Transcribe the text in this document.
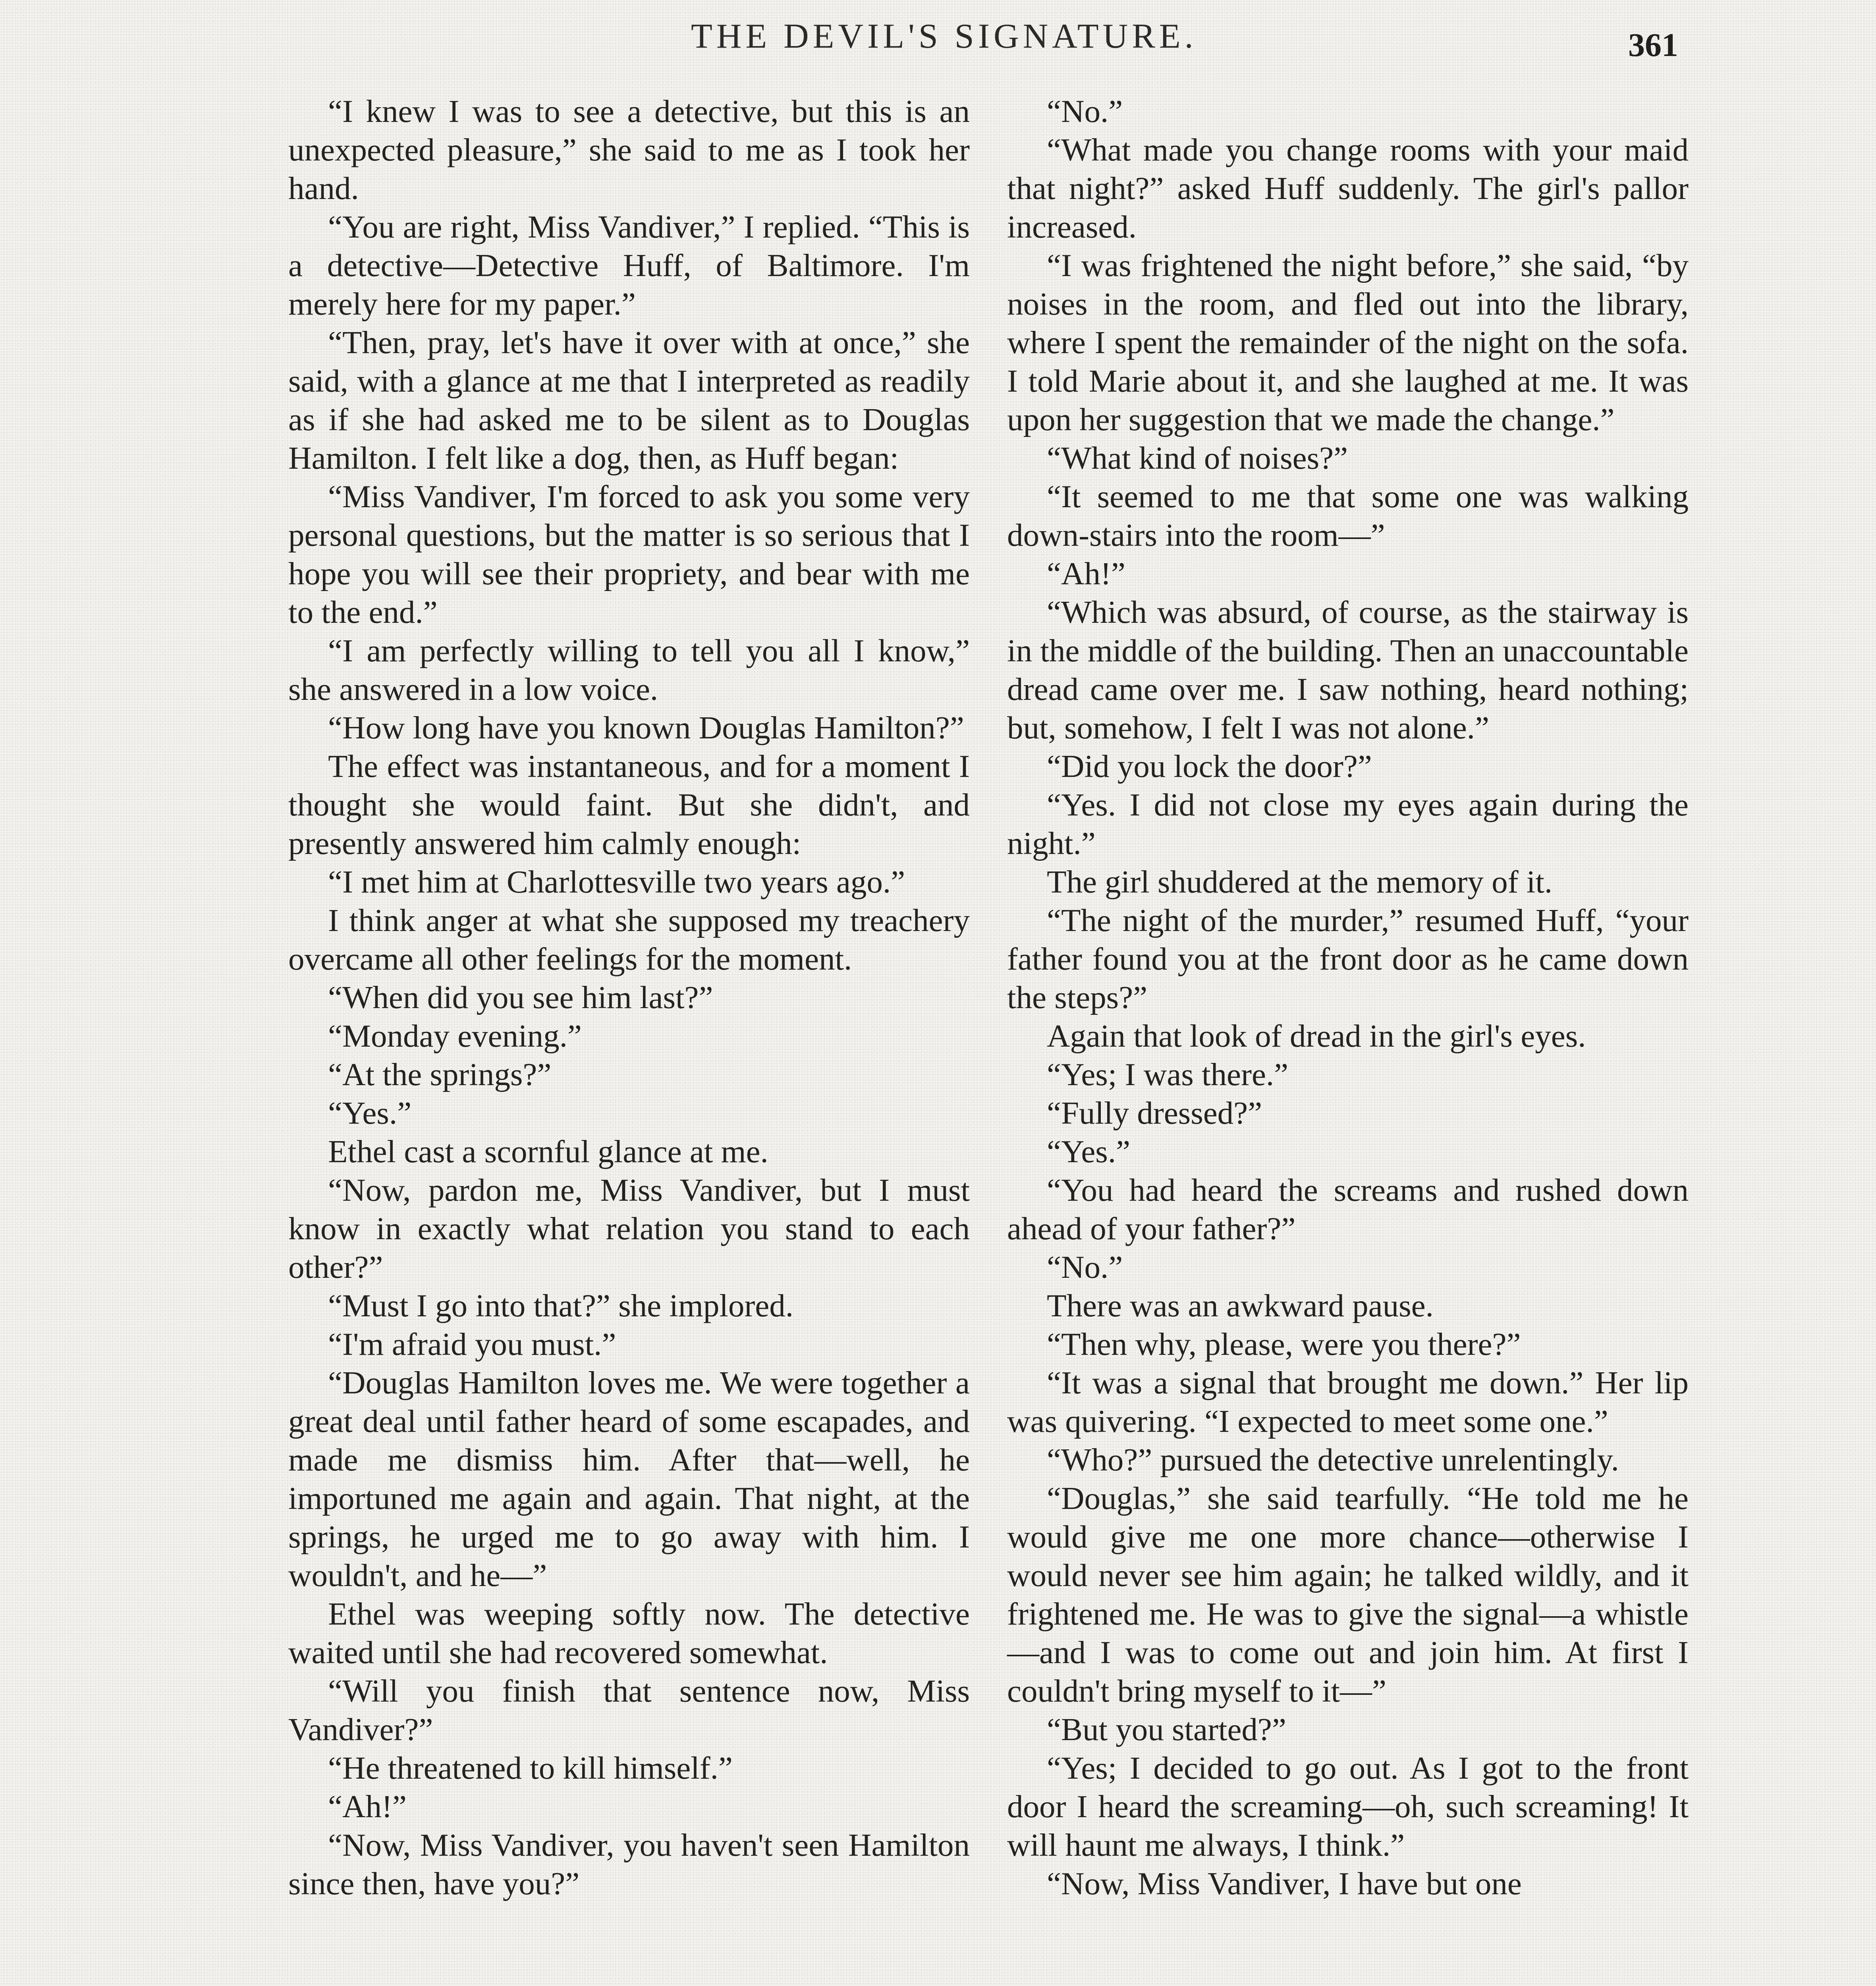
THE DEVIL'S SIGNATURE.	361

“I knew I was to see a detective, but this is an unexpected pleasure,” she said to me as I took her hand.

“You are right, Miss Vandiver,” I replied. “This is a detective—Detective Huff, of Baltimore. I'm merely here for my paper.”

“Then, pray, let's have it over with at once,” she said, with a glance at me that I interpreted as readily as if she had asked me to be silent as to Douglas Hamilton. I felt like a dog, then, as Huff began:

“Miss Vandiver, I'm forced to ask you some very personal questions, but the matter is so serious that I hope you will see their propriety, and bear with me to the end.”

“I am perfectly willing to tell you all I know,” she answered in a low voice.

“How long have you known Douglas Hamilton?”

The effect was instantaneous, and for a moment I thought she would faint. But she didn't, and presently answered him calmly enough:

“I met him at Charlottesville two years ago.”

I think anger at what she supposed my treachery overcame all other feelings for the moment.

“When did you see him last?”

“Monday evening.”

“At the springs?”

“Yes.”

Ethel cast a scornful glance at me.

“Now, pardon me, Miss Vandiver, but I must know in exactly what relation you stand to each other?”

“Must I go into that?” she implored.

“I'm afraid you must.”

“Douglas Hamilton loves me. We were together a great deal until father heard of some escapades, and made me dismiss him. After that—well, he importuned me again and again. That night, at the springs, he urged me to go away with him. I wouldn't, and he—”

Ethel was weeping softly now. The detective waited until she had recovered somewhat.

“Will you finish that sentence now, Miss Vandiver?”

“He threatened to kill himself.”

“Ah!”

“Now, Miss Vandiver, you haven't seen Hamilton since then, have you?”

“No.”

“What made you change rooms with your maid that night?” asked Huff suddenly. The girl's pallor increased.

“I was frightened the night before,” she said, “by noises in the room, and fled out into the library, where I spent the remainder of the night on the sofa. I told Marie about it, and she laughed at me. It was upon her suggestion that we made the change.”

“What kind of noises?”

“It seemed to me that some one was walking down-stairs into the room—”

“Ah!”

“Which was absurd, of course, as the stairway is in the middle of the building. Then an unaccountable dread came over me. I saw nothing, heard nothing; but, somehow, I felt I was not alone.”

“Did you lock the door?”

“Yes. I did not close my eyes again during the night.”

The girl shuddered at the memory of it.

“The night of the murder,” resumed Huff, “your father found you at the front door as he came down the steps?”

Again that look of dread in the girl's eyes.

“Yes; I was there.”

“Fully dressed?”

“Yes.”

“You had heard the screams and rushed down ahead of your father?”

“No.”

There was an awkward pause.

“Then why, please, were you there?”

“It was a signal that brought me down.” Her lip was quivering. “I expected to meet some one.”

“Who?” pursued the detective unrelentingly.

“Douglas,” she said tearfully. “He told me he would give me one more chance—otherwise I would never see him again; he talked wildly, and it frightened me. He was to give the signal—a whistle—and I was to come out and join him. At first I couldn't bring myself to it—”

“But you started?”

“Yes; I decided to go out. As I got to the front door I heard the screaming—oh, such screaming! It will haunt me always, I think.”

“Now, Miss Vandiver, I have but one
